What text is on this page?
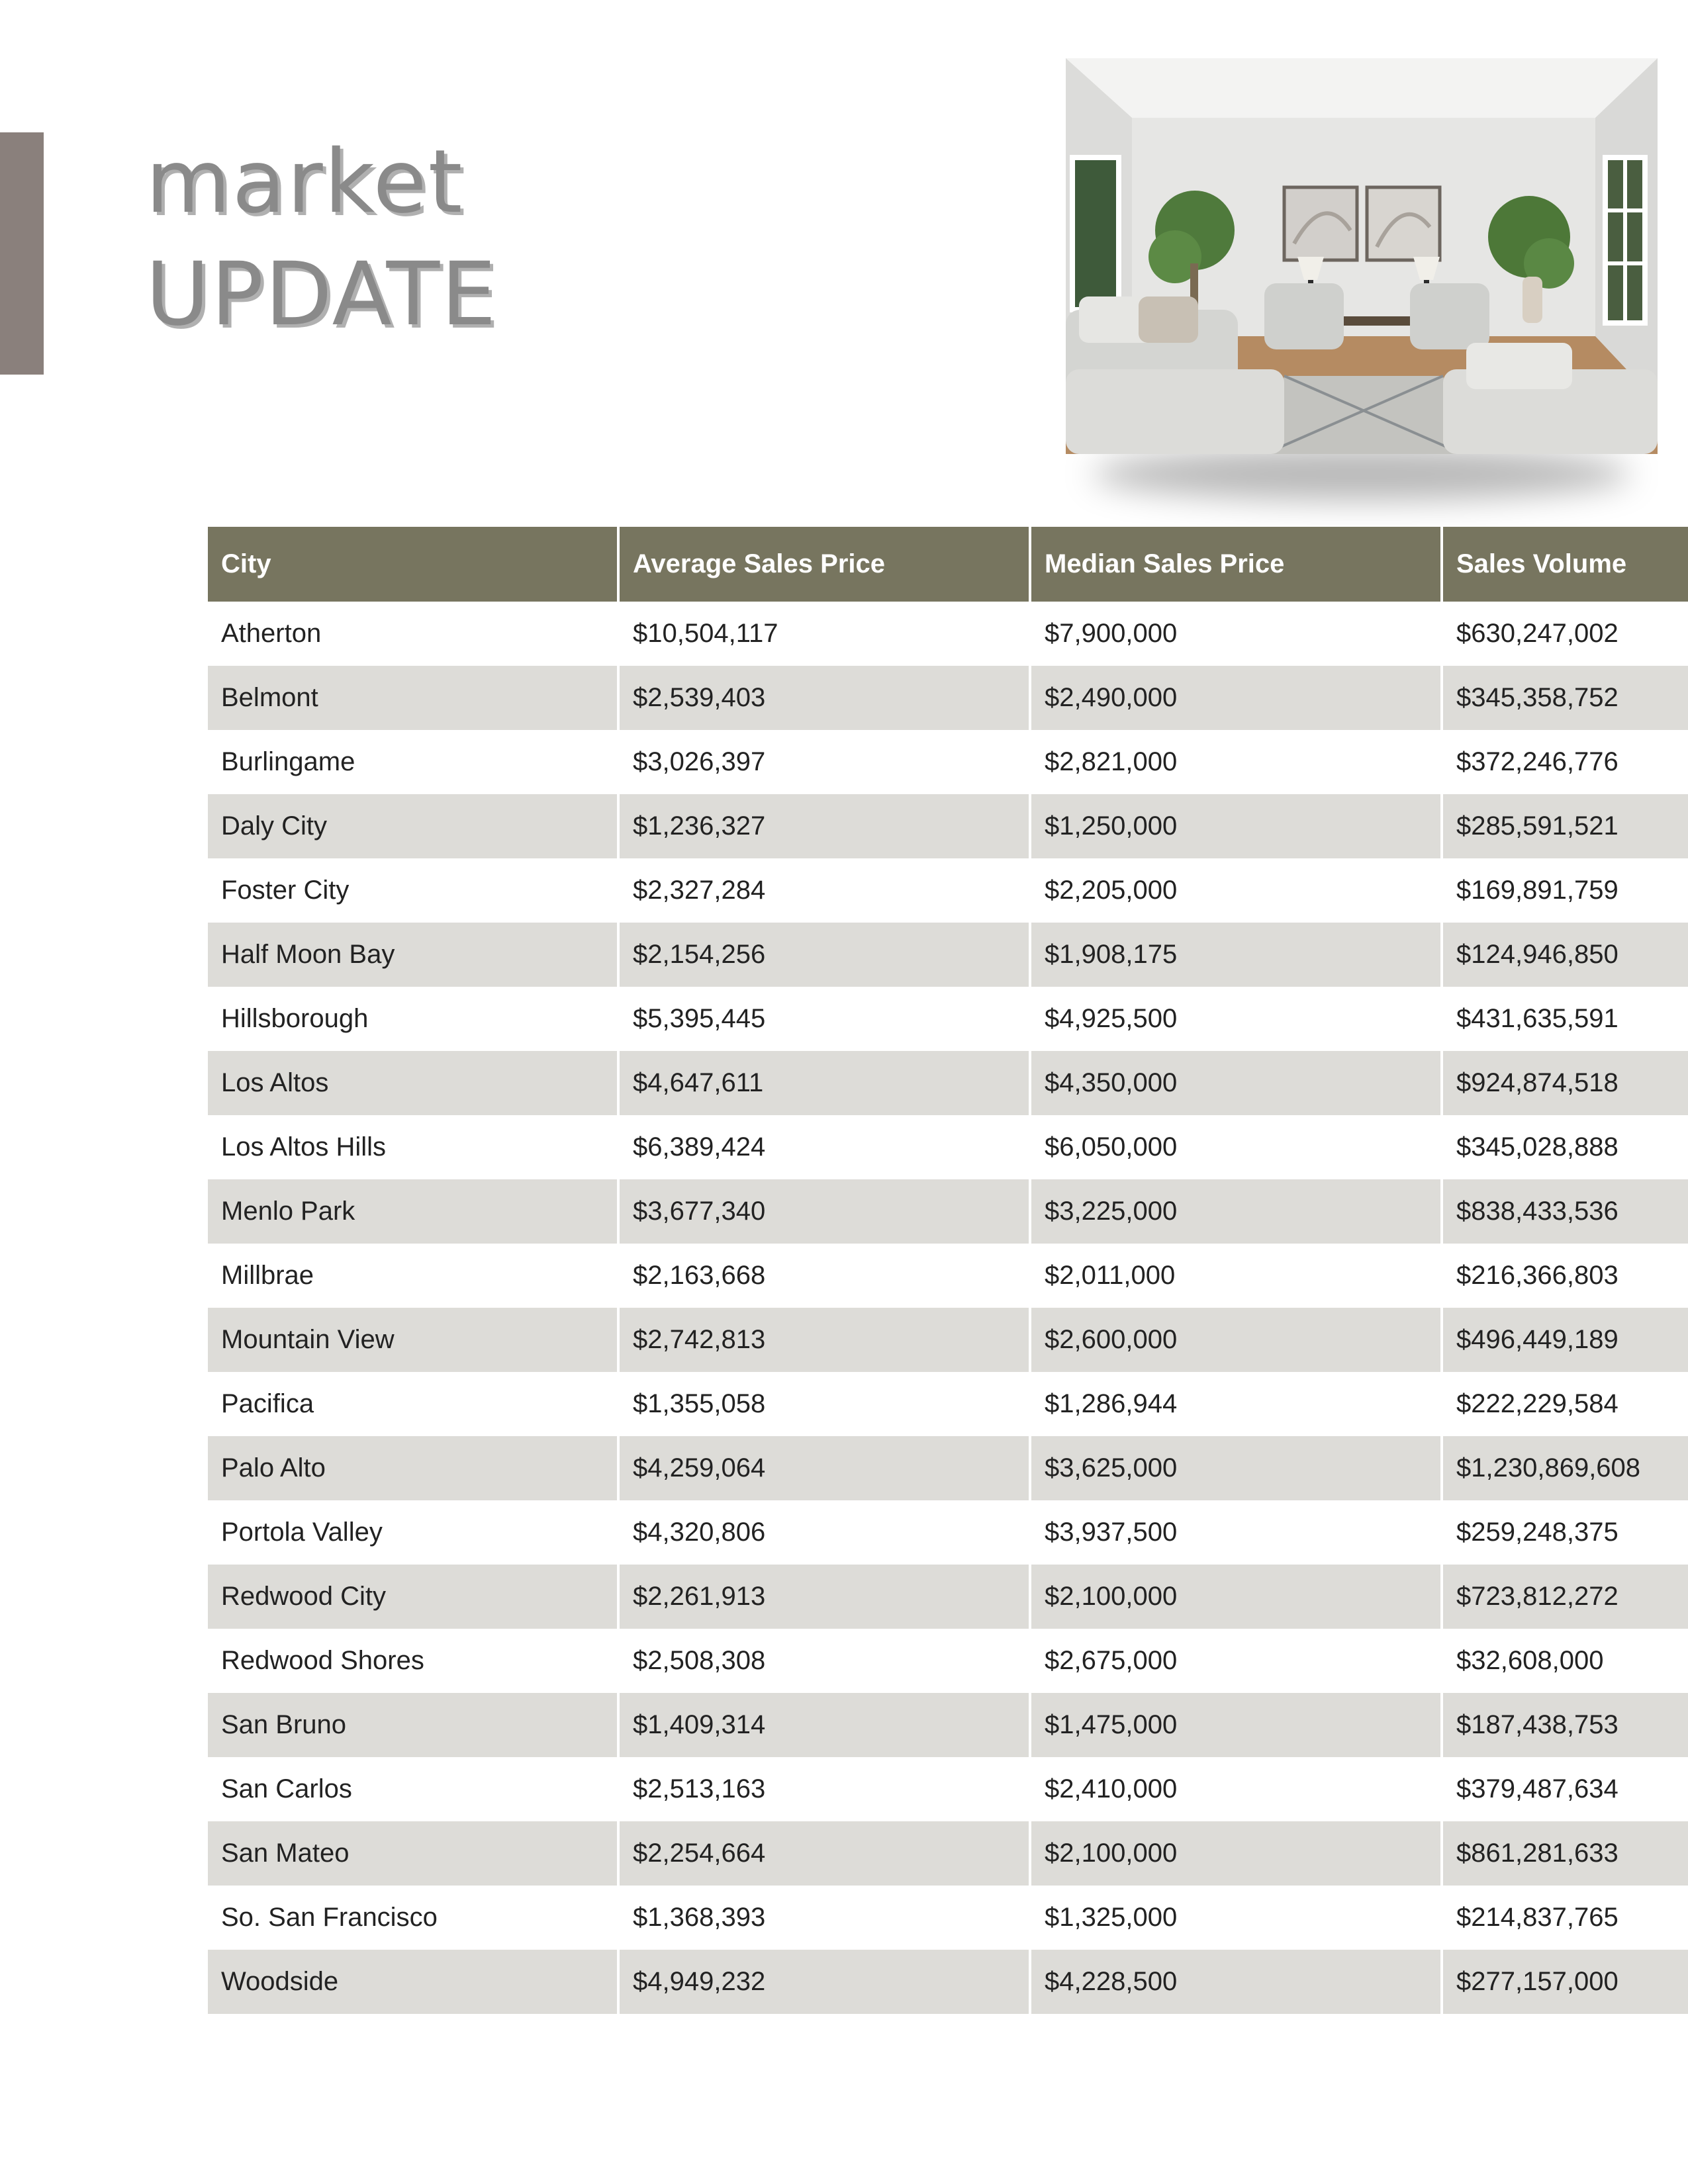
market
UPDATE
City	Average Sales Price	Median Sales Price	Sales Volume
Atherton	$10,504,117	$7,900,000	$630,247,002
Belmont	$2,539,403	$2,490,000	$345,358,752
Burlingame	$3,026,397	$2,821,000	$372,246,776
Daly City	$1,236,327	$1,250,000	$285,591,521
Foster City	$2,327,284	$2,205,000	$169,891,759
Half Moon Bay	$2,154,256	$1,908,175	$124,946,850
Hillsborough	$5,395,445	$4,925,500	$431,635,591
Los Altos	$4,647,611	$4,350,000	$924,874,518
Los Altos Hills	$6,389,424	$6,050,000	$345,028,888
Menlo Park	$3,677,340	$3,225,000	$838,433,536
Millbrae	$2,163,668	$2,011,000	$216,366,803
Mountain View	$2,742,813	$2,600,000	$496,449,189
Pacifica	$1,355,058	$1,286,944	$222,229,584
Palo Alto	$4,259,064	$3,625,000	$1,230,869,608
Portola Valley	$4,320,806	$3,937,500	$259,248,375
Redwood City	$2,261,913	$2,100,000	$723,812,272
Redwood Shores	$2,508,308	$2,675,000	$32,608,000
San Bruno	$1,409,314	$1,475,000	$187,438,753
San Carlos	$2,513,163	$2,410,000	$379,487,634
San Mateo	$2,254,664	$2,100,000	$861,281,633
So. San Francisco	$1,368,393	$1,325,000	$214,837,765
Woodside	$4,949,232	$4,228,500	$277,157,000
